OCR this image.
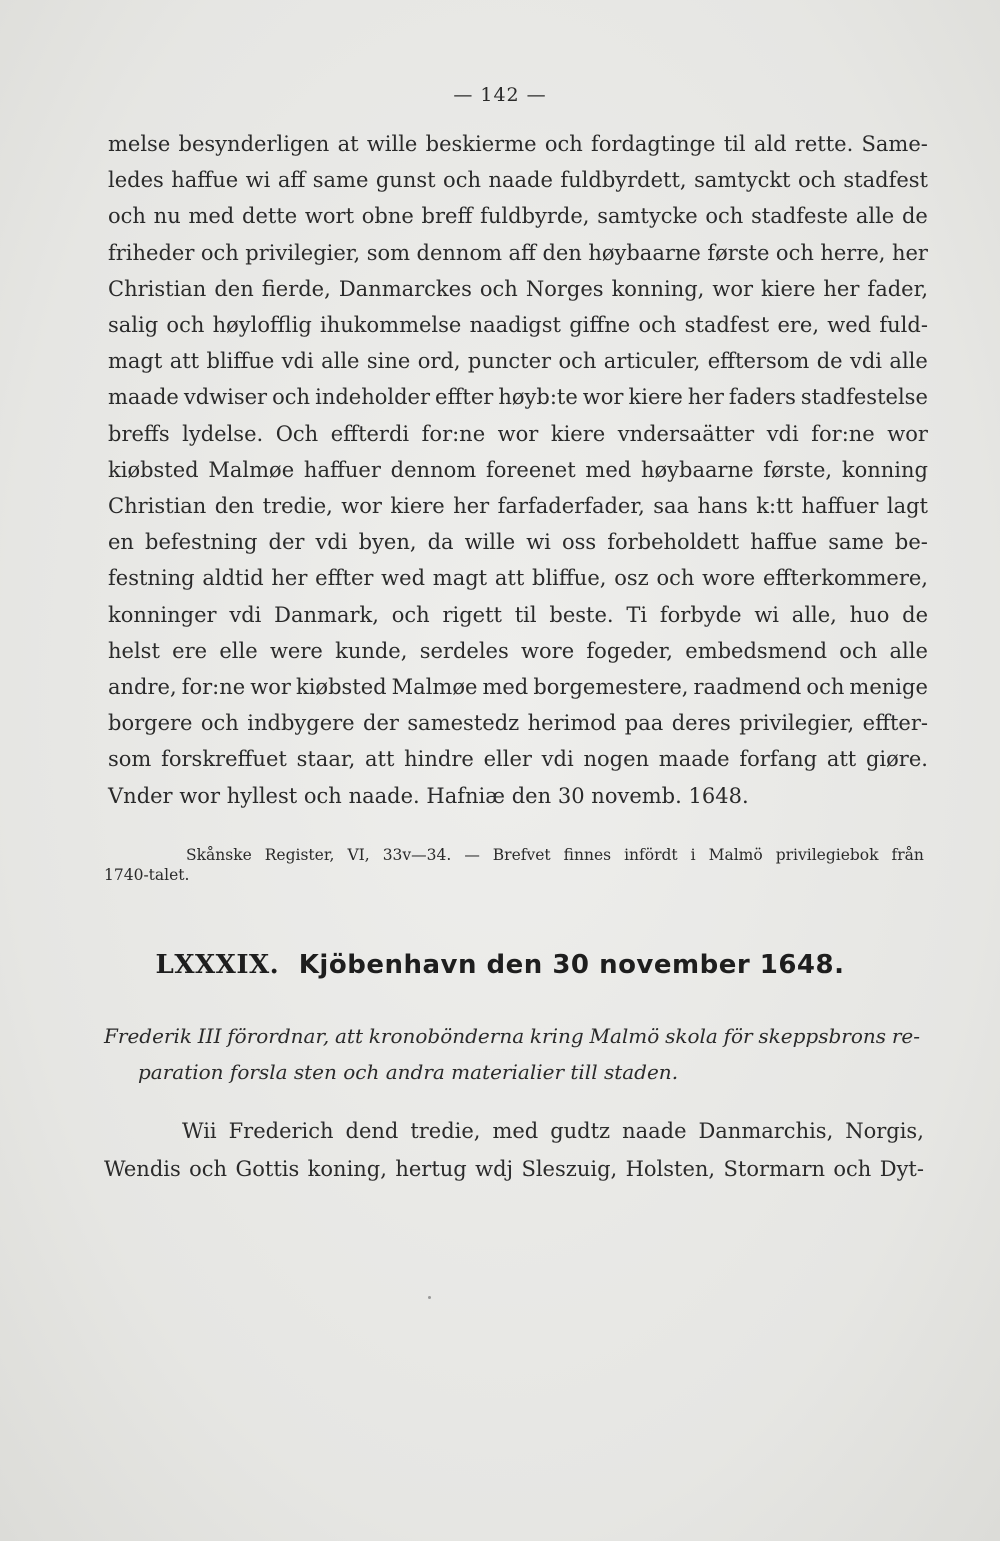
— 142 —
melse besynderligen at wille beskierme och fordagtinge til ald rette. Same-
ledes haffue wi aff same gunst och naade fuldbyrdett, samtyckt och stadfest
och nu med dette wort obne breff fuldbyrde, samtycke och stadfeste alle de
friheder och privilegier, som dennom aff den høybaarne første och herre, her
Christian den fierde, Danmarckes och Norges konning, wor kiere her fader,
salig och høylofflig ihukommelse naadigst giffne och stadfest ere, wed fuld-
magt att bliffue vdi alle sine ord, puncter och articuler, efftersom de vdi alle
maade vdwiser och indeholder effter høyb:te wor kiere her faders stadfestelse
breffs lydelse. Och effterdi for:ne wor kiere vndersaätter vdi for:ne wor
kiøbsted Malmøe haffuer dennom foreenet med høybaarne første, konning
Christian den tredie, wor kiere her farfaderfader, saa hans k:tt haffuer lagt
en befestning der vdi byen, da wille wi oss forbeholdett haffue same be-
festning aldtid her effter wed magt att bliffue, osz och wore effterkommere,
konninger vdi Danmark, och rigett til beste. Ti forbyde wi alle, huo de
helst ere elle were kunde, serdeles wore fogeder, embedsmend och alle
andre, for:ne wor kiøbsted Malmøe med borgemestere, raadmend och menige
borgere och indbygere der samestedz herimod paa deres privilegier, effter-
som forskreffuet staar, att hindre eller vdi nogen maade forfang att giøre.
Vnder wor hyllest och naade. Hafniæ den 30 novemb. 1648.
Skånske Register, VI, 33v—34. — Brefvet finnes infördt i Malmö privilegiebok från
1740-talet.
LXXXIX. Kjöbenhavn den 30 november 1648.
Frederik III förordnar, att kronobönderna kring Malmö skola för skeppsbrons re-
paration forsla sten och andra materialier till staden.
Wii Frederich dend tredie, med gudtz naade Danmarchis, Norgis,
Wendis och Gottis koning, hertug wdj Sleszuig, Holsten, Stormarn och Dyt-
